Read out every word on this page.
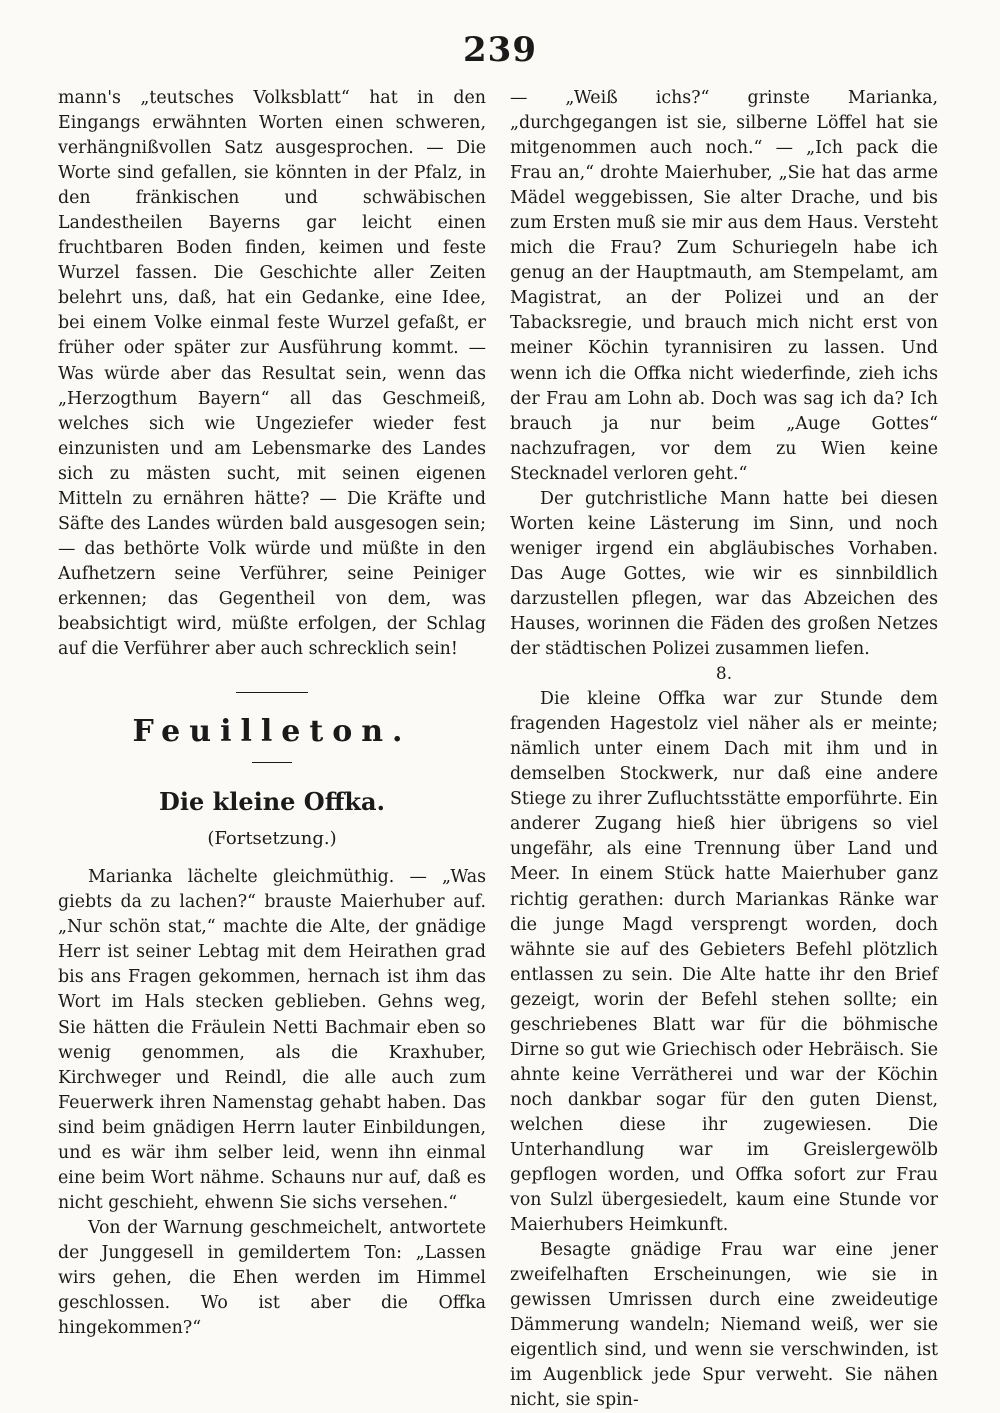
239

mann's „teutsches Volksblatt“ hat in den Eingangs erwähnten Worten einen schweren, verhängnißvollen Satz ausgesprochen. — Die Worte sind gefallen, sie könnten in der Pfalz, in den fränkischen und schwäbischen Landestheilen Bayerns gar leicht einen fruchtbaren Boden finden, keimen und feste Wurzel fassen. Die Geschichte aller Zeiten belehrt uns, daß, hat ein Gedanke, eine Idee, bei einem Volke einmal feste Wurzel gefaßt, er früher oder später zur Ausführung kommt. — Was würde aber das Resultat sein, wenn das „Herzogthum Bayern“ all das Geschmeiß, welches sich wie Ungeziefer wieder fest einzunisten und am Lebensmarke des Landes sich zu mästen sucht, mit seinen eigenen Mitteln zu ernähren hätte? — Die Kräfte und Säfte des Landes würden bald ausgesogen sein; — das bethörte Volk würde und müßte in den Aufhetzern seine Verführer, seine Peiniger erkennen; das Gegentheil von dem, was beabsichtigt wird, müßte erfolgen, der Schlag auf die Verführer aber auch schrecklich sein!

Feuilleton.
Die kleine Offka.
(Fortsetzung.)

Marianka lächelte gleichmüthig. — „Was giebts da zu lachen?“ brauste Maierhuber auf. „Nur schön stat,“ machte die Alte, der gnädige Herr ist seiner Lebtag mit dem Heirathen grad bis ans Fragen gekommen, hernach ist ihm das Wort im Hals stecken geblieben. Gehns weg, Sie hätten die Fräulein Netti Bachmair eben so wenig genommen, als die Kraxhuber, Kirchweger und Reindl, die alle auch zum Feuerwerk ihren Namenstag gehabt haben. Das sind beim gnädigen Herrn lauter Einbildungen, und es wär ihm selber leid, wenn ihn einmal eine beim Wort nähme. Schauns nur auf, daß es nicht geschieht, ehwenn Sie sichs versehen.“

Von der Warnung geschmeichelt, antwortete der Junggesell in gemildertem Ton: „Lassen wirs gehen, die Ehen werden im Himmel geschlossen. Wo ist aber die Offka hingekommen?“

— „Weiß ichs?“ grinste Marianka, „durchgegangen ist sie, silberne Löffel hat sie mitgenommen auch noch.“ — „Ich pack die Frau an,“ drohte Maierhuber, „Sie hat das arme Mädel weggebissen, Sie alter Drache, und bis zum Ersten muß sie mir aus dem Haus. Versteht mich die Frau? Zum Schuriegeln habe ich genug an der Hauptmauth, am Stempelamt, am Magistrat, an der Polizei und an der Tabacksregie, und brauch mich nicht erst von meiner Köchin tyrannisiren zu lassen. Und wenn ich die Offka nicht wiederfinde, zieh ichs der Frau am Lohn ab. Doch was sag ich da? Ich brauch ja nur beim „Auge Gottes“ nachzufragen, vor dem zu Wien keine Stecknadel verloren geht.“

Der gutchristliche Mann hatte bei diesen Worten keine Lästerung im Sinn, und noch weniger irgend ein abgläubisches Vorhaben. Das Auge Gottes, wie wir es sinnbildlich darzustellen pflegen, war das Abzeichen des Hauses, worinnen die Fäden des großen Netzes der städtischen Polizei zusammen liefen.

8.

Die kleine Offka war zur Stunde dem fragenden Hagestolz viel näher als er meinte; nämlich unter einem Dach mit ihm und in demselben Stockwerk, nur daß eine andere Stiege zu ihrer Zufluchtsstätte emporführte. Ein anderer Zugang hieß hier übrigens so viel ungefähr, als eine Trennung über Land und Meer. In einem Stück hatte Maierhuber ganz richtig gerathen: durch Mariankas Ränke war die junge Magd versprengt worden, doch wähnte sie auf des Gebieters Befehl plötzlich entlassen zu sein. Die Alte hatte ihr den Brief gezeigt, worin der Befehl stehen sollte; ein geschriebenes Blatt war für die böhmische Dirne so gut wie Griechisch oder Hebräisch. Sie ahnte keine Verrätherei und war der Köchin noch dankbar sogar für den guten Dienst, welchen diese ihr zugewiesen. Die Unterhandlung war im Greislergewölb gepflogen worden, und Offka sofort zur Frau von Sulzl übergesiedelt, kaum eine Stunde vor Maierhubers Heimkunft.

Besagte gnädige Frau war eine jener zweifelhaften Erscheinungen, wie sie in gewissen Umrissen durch eine zweideutige Dämmerung wandeln; Niemand weiß, wer sie eigentlich sind, und wenn sie verschwinden, ist im Augenblick jede Spur verweht. Sie nähen nicht, sie spin-
